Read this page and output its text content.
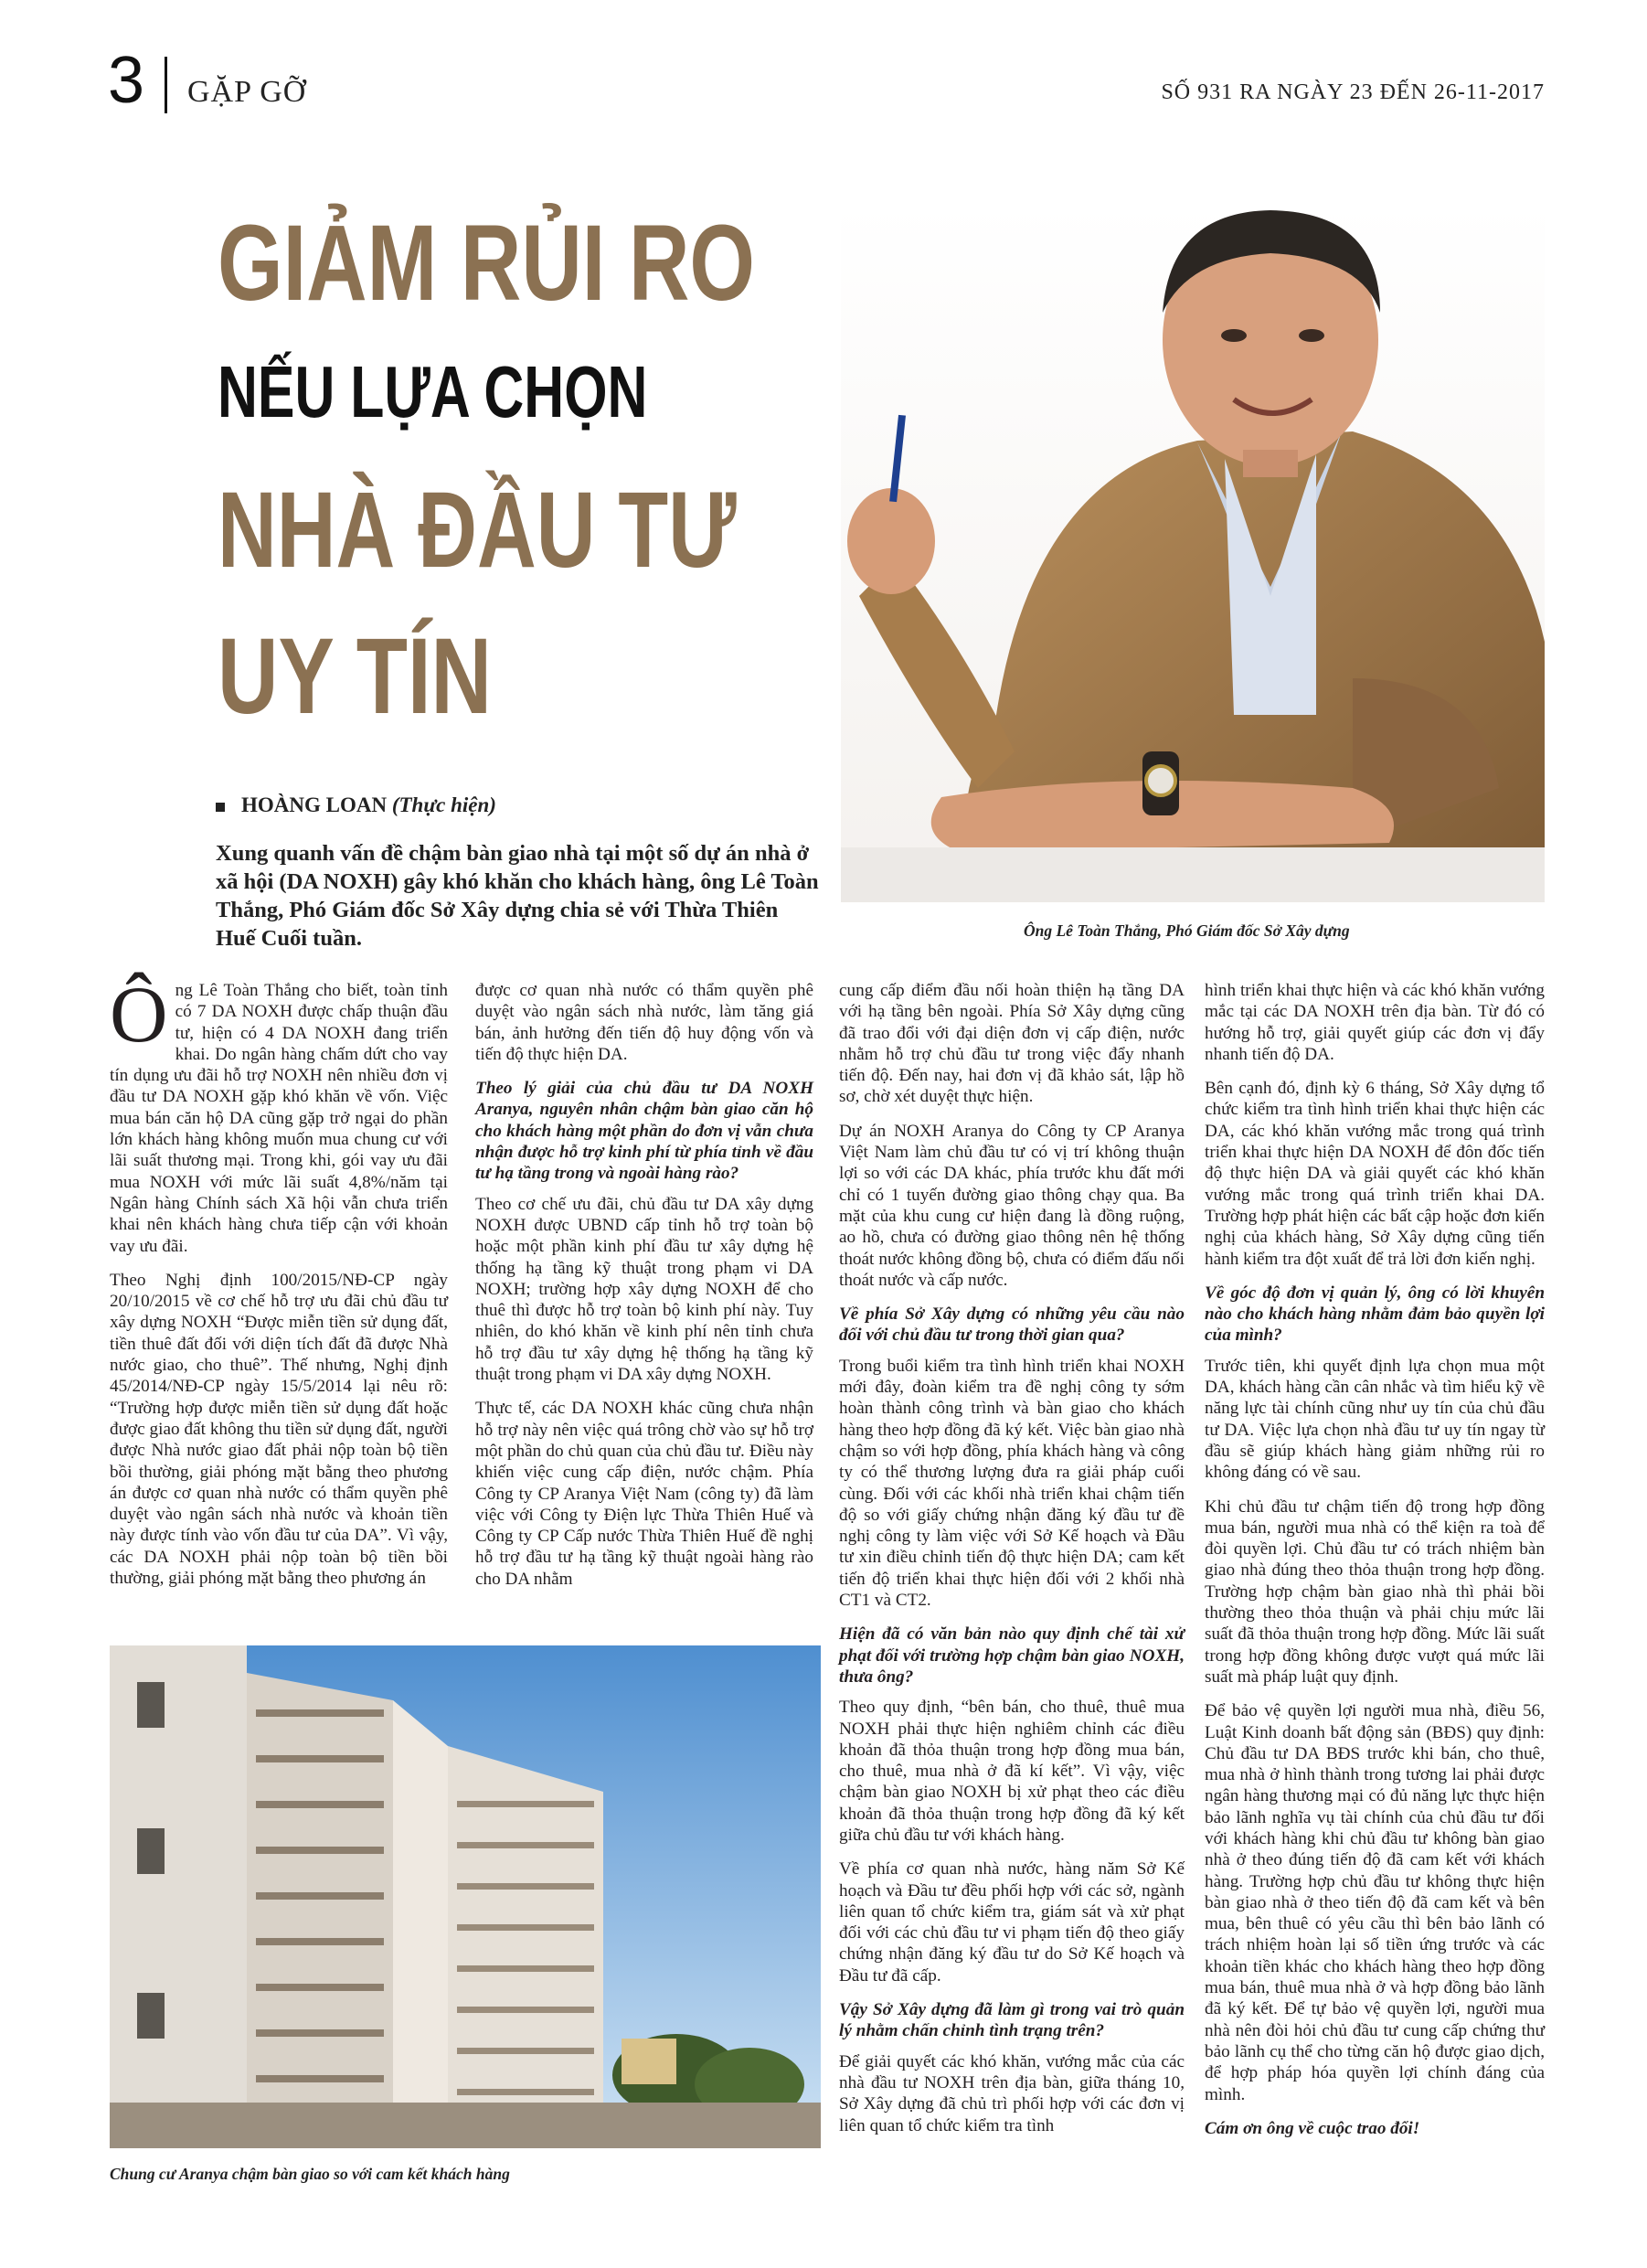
3 GẶP GỠ	SỐ 931 RA NGÀY 23 ĐẾN 26-11-2017
GIẢM RỦI RO
NẾU LỰA CHỌN
NHÀ ĐẦU TƯ
UY TÍN
HOÀNG LOAN (Thực hiện)
Xung quanh vấn đề chậm bàn giao nhà tại một số dự án nhà ở xã hội (DA NOXH) gây khó khăn cho khách hàng, ông Lê Toàn Thắng, Phó Giám đốc Sở Xây dựng chia sẻ với Thừa Thiên Huế Cuối tuần.	Ông Lê Toàn Thắng, Phó Giám đốc Sở Xây dựng

Ông Lê Toàn Thắng cho biết, toàn tỉnh có 7 DA NOXH được chấp thuận đầu tư, hiện có 4 DA NOXH đang triển khai. Do ngân hàng chấm dứt cho vay tín dụng ưu đãi hỗ trợ NOXH nên nhiều đơn vị đầu tư DA NOXH gặp khó khăn về vốn. Việc mua bán căn hộ DA cũng gặp trở ngại do phần lớn khách hàng không muốn mua chung cư với lãi suất thương mại. Trong khi, gói vay ưu đãi mua NOXH với mức lãi suất 4,8%/năm tại Ngân hàng Chính sách Xã hội vẫn chưa triển khai nên khách hàng chưa tiếp cận với khoản vay ưu đãi.

Theo Nghị định 100/2015/NĐ-CP ngày 20/10/2015 về cơ chế hỗ trợ ưu đãi chủ đầu tư xây dựng NOXH “Được miễn tiền sử dụng đất, tiền thuê đất đối với diện tích đất đã được Nhà nước giao, cho thuê”. Thế nhưng, Nghị định 45/2014/NĐ-CP ngày 15/5/2014 lại nêu rõ: “Trường hợp được miễn tiền sử dụng đất hoặc được giao đất không thu tiền sử dụng đất, người được Nhà nước giao đất phải nộp toàn bộ tiền bồi thường, giải phóng mặt bằng theo phương án được cơ quan nhà nước có thẩm quyền phê duyệt vào ngân sách nhà nước và khoản tiền này được tính vào vốn đầu tư của DA”. Vì vậy, các DA NOXH phải nộp toàn bộ tiền bồi thường, giải phóng mặt bằng theo phương án

được cơ quan nhà nước có thẩm quyền phê duyệt vào ngân sách nhà nước, làm tăng giá bán, ảnh hưởng đến tiến độ huy động vốn và tiến độ thực hiện DA.

Theo lý giải của chủ đầu tư DA NOXH Aranya, nguyên nhân chậm bàn giao căn hộ cho khách hàng một phần do đơn vị vẫn chưa nhận được hỗ trợ kinh phí từ phía tỉnh về đầu tư hạ tầng trong và ngoài hàng rào?

Theo cơ chế ưu đãi, chủ đầu tư DA xây dựng NOXH được UBND cấp tỉnh hỗ trợ toàn bộ hoặc một phần kinh phí đầu tư xây dựng hệ thống hạ tầng kỹ thuật trong phạm vi DA NOXH; trường hợp xây dựng NOXH để cho thuê thì được hỗ trợ toàn bộ kinh phí này. Tuy nhiên, do khó khăn về kinh phí nên tỉnh chưa hỗ trợ đầu tư xây dựng hệ thống hạ tầng kỹ thuật trong phạm vi DA xây dựng NOXH.

Thực tế, các DA NOXH khác cũng chưa nhận hỗ trợ này nên việc quá trông chờ vào sự hỗ trợ một phần do chủ quan của chủ đầu tư. Điều này khiến việc cung cấp điện, nước chậm. Phía Công ty CP Aranya Việt Nam (công ty) đã làm việc với Công ty Điện lực Thừa Thiên Huế và Công ty CP Cấp nước Thừa Thiên Huế đề nghị hỗ trợ đầu tư hạ tầng kỹ thuật ngoài hàng rào cho DA nhằm

cung cấp điểm đầu nối hoàn thiện hạ tầng DA với hạ tầng bên ngoài. Phía Sở Xây dựng cũng đã trao đổi với đại diện đơn vị cấp điện, nước nhằm hỗ trợ chủ đầu tư trong việc đẩy nhanh tiến độ. Đến nay, hai đơn vị đã khảo sát, lập hồ sơ, chờ xét duyệt thực hiện.

Dự án NOXH Aranya do Công ty CP Aranya Việt Nam làm chủ đầu tư có vị trí không thuận lợi so với các DA khác, phía trước khu đất mới chỉ có 1 tuyến đường giao thông chạy qua. Ba mặt của khu cung cư hiện đang là đồng ruộng, ao hồ, chưa có đường giao thông nên hệ thống thoát nước không đồng bộ, chưa có điểm đấu nối thoát nước và cấp nước.

Về phía Sở Xây dựng có những yêu cầu nào đối với chủ đầu tư trong thời gian qua?

Trong buổi kiểm tra tình hình triển khai NOXH mới đây, đoàn kiểm tra đề nghị công ty sớm hoàn thành công trình và bàn giao cho khách hàng theo hợp đồng đã ký kết. Việc bàn giao nhà chậm so với hợp đồng, phía khách hàng và công ty có thể thương lượng đưa ra giải pháp cuối cùng. Đối với các khối nhà triển khai chậm tiến độ so với giấy chứng nhận đăng ký đầu tư đề nghị công ty làm việc với Sở Kế hoạch và Đầu tư xin điều chỉnh tiến độ thực hiện DA; cam kết tiến độ triển khai thực hiện đối với 2 khối nhà CT1 và CT2.

Hiện đã có văn bản nào quy định chế tài xử phạt đối với trường hợp chậm bàn giao NOXH, thưa ông?

Theo quy định, “bên bán, cho thuê, thuê mua NOXH phải thực hiện nghiêm chỉnh các điều khoản đã thỏa thuận trong hợp đồng mua bán, cho thuê, mua nhà ở đã kí kết”. Vì vậy, việc chậm bàn giao NOXH bị xử phạt theo các điều khoản đã thỏa thuận trong hợp đồng đã ký kết giữa chủ đầu tư với khách hàng.

Về phía cơ quan nhà nước, hàng năm Sở Kế hoạch và Đầu tư đều phối hợp với các sở, ngành liên quan tổ chức kiểm tra, giám sát và xử phạt đối với các chủ đầu tư vi phạm tiến độ theo giấy chứng nhận đăng ký đầu tư do Sở Kế hoạch và Đầu tư đã cấp.

Vậy Sở Xây dựng đã làm gì trong vai trò quản lý nhằm chấn chỉnh tình trạng trên?

Để giải quyết các khó khăn, vướng mắc của các nhà đầu tư NOXH trên địa bàn, giữa tháng 10, Sở Xây dựng đã chủ trì phối hợp với các đơn vị liên quan tổ chức kiểm tra tình

hình triển khai thực hiện và các khó khăn vướng mắc tại các DA NOXH trên địa bàn. Từ đó có hướng hỗ trợ, giải quyết giúp các đơn vị đẩy nhanh tiến độ DA.

Bên cạnh đó, định kỳ 6 tháng, Sở Xây dựng tổ chức kiểm tra tình hình triển khai thực hiện các DA, các khó khăn vướng mắc trong quá trình triển khai thực hiện DA NOXH để đôn đốc tiến độ thực hiện DA và giải quyết các khó khăn vướng mắc trong quá trình triển khai DA. Trường hợp phát hiện các bất cập hoặc đơn kiến nghị của khách hàng, Sở Xây dựng cũng tiến hành kiểm tra đột xuất để trả lời đơn kiến nghị.

Về góc độ đơn vị quản lý, ông có lời khuyên nào cho khách hàng nhằm đảm bảo quyền lợi của mình?

Trước tiên, khi quyết định lựa chọn mua một DA, khách hàng cần cân nhắc và tìm hiểu kỹ về năng lực tài chính cũng như uy tín của chủ đầu tư DA. Việc lựa chọn nhà đầu tư uy tín ngay từ đầu sẽ giúp khách hàng giảm những rủi ro không đáng có về sau.

Khi chủ đầu tư chậm tiến độ trong hợp đồng mua bán, người mua nhà có thể kiện ra toà để đòi quyền lợi. Chủ đầu tư có trách nhiệm bàn giao nhà đúng theo thỏa thuận trong hợp đồng. Trường hợp chậm bàn giao nhà thì phải bồi thường theo thỏa thuận và phải chịu mức lãi suất đã thỏa thuận trong hợp đồng. Mức lãi suất trong hợp đồng không được vượt quá mức lãi suất mà pháp luật quy định.

Để bảo vệ quyền lợi người mua nhà, điều 56, Luật Kinh doanh bất động sản (BĐS) quy định: Chủ đầu tư DA BĐS trước khi bán, cho thuê, mua nhà ở hình thành trong tương lai phải được ngân hàng thương mại có đủ năng lực thực hiện bảo lãnh nghĩa vụ tài chính của chủ đầu tư đối với khách hàng khi chủ đầu tư không bàn giao nhà ở theo đúng tiến độ đã cam kết với khách hàng. Trường hợp chủ đầu tư không thực hiện bàn giao nhà ở theo tiến độ đã cam kết và bên mua, bên thuê có yêu cầu thì bên bảo lãnh có trách nhiệm hoàn lại số tiền ứng trước và các khoản tiền khác cho khách hàng theo hợp đồng mua bán, thuê mua nhà ở và hợp đồng bảo lãnh đã ký kết. Để tự bảo vệ quyền lợi, người mua nhà nên đòi hỏi chủ đầu tư cung cấp chứng thư bảo lãnh cụ thể cho từng căn hộ được giao dịch, để hợp pháp hóa quyền lợi chính đáng của mình.

Cám ơn ông về cuộc trao đổi!

Chung cư Aranya chậm bàn giao so với cam kết khách hàng
